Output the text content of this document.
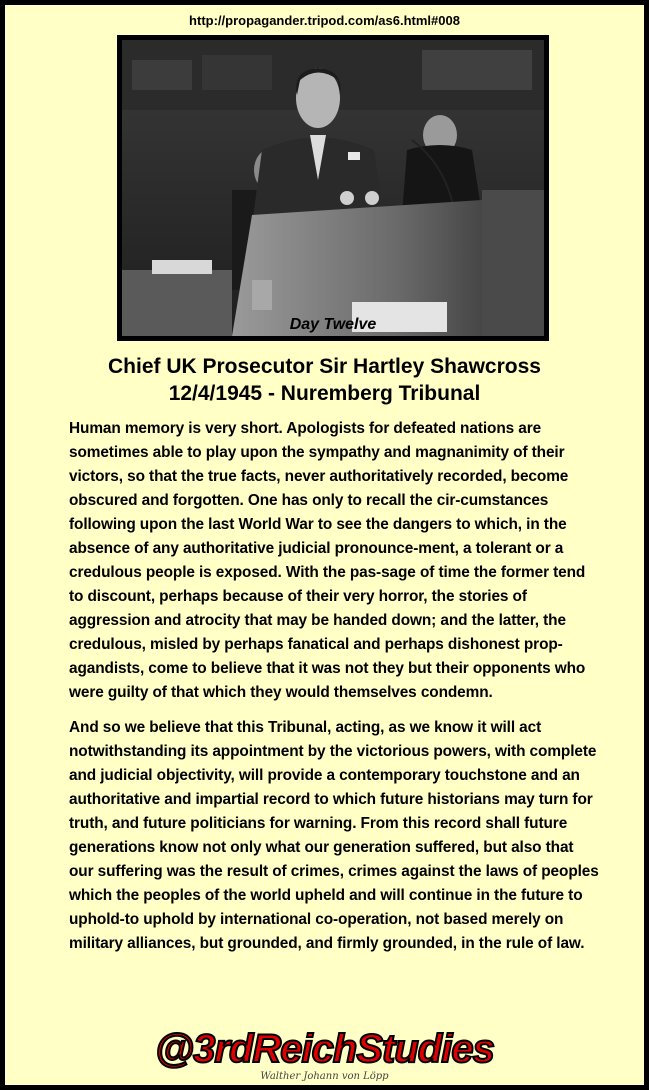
http://propagander.tripod.com/as6.html#008
Day Twelve
Chief UK Prosecutor Sir Hartley Shawcross
12/4/1945 - Nuremberg Tribunal

Human memory is very short. Apologists for defeated nations are sometimes able to play upon the sympathy and magnanimity of their victors, so that the true facts, never authoritatively recorded, become obscured and forgotten. One has only to recall the cir-cumstances following upon the last World War to see the dangers to which, in the absence of any authoritative judicial pronounce-ment, a tolerant or a credulous people is exposed. With the pas-sage of time the former tend to discount, perhaps because of their very horror, the stories of aggression and atrocity that may be handed down; and the latter, the credulous, misled by perhaps fanatical and perhaps dishonest prop-agandists, come to believe that it was not they but their opponents who were guilty of that which they would themselves condemn.

And so we believe that this Tribunal, acting, as we know it will act notwithstanding its appointment by the victorious powers, with complete and judicial objectivity, will provide a contemporary touchstone and an authoritative and impartial record to which future historians may turn for truth, and future politicians for warning. From this record shall future generations know not only what our generation suffered, but also that our suffering was the result of crimes, crimes against the laws of peoples which the peoples of the world upheld and will continue in the future to uphold-to uphold by international co-operation, not based merely on military alliances, but grounded, and firmly grounded, in the rule of law.

@3rdReichStudies
Walther Johann von Löpp
